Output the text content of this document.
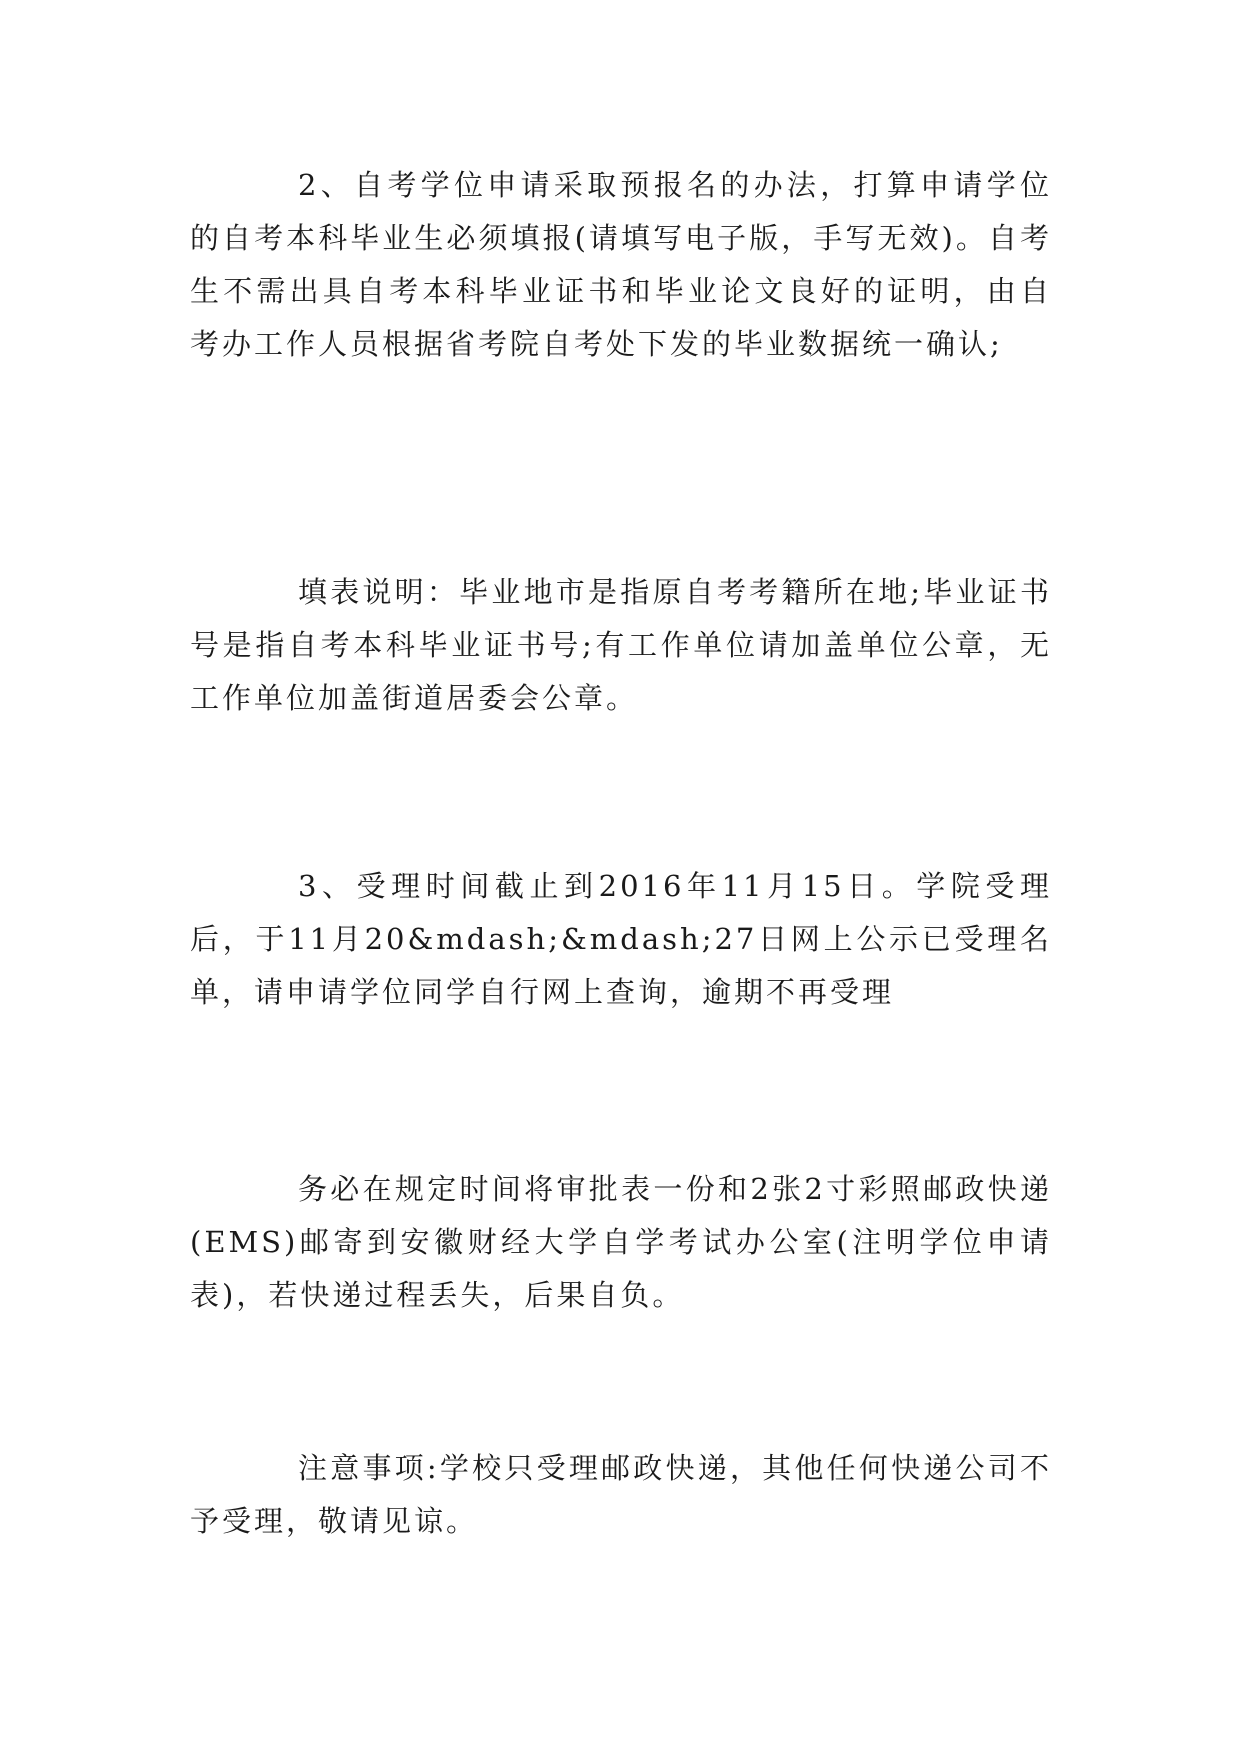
2、自考学位申请采取预报名的办法，打算申请学位的自考本科毕业生必须填报(请填写电子版，手写无效)。自考生不需出具自考本科毕业证书和毕业论文良好的证明，由自考办工作人员根据省考院自考处下发的毕业数据统一确认;

填表说明：毕业地市是指原自考考籍所在地;毕业证书号是指自考本科毕业证书号;有工作单位请加盖单位公章，无工作单位加盖街道居委会公章。

3、受理时间截止到2016年11月15日。学院受理后，于11月20&mdash;&mdash;27日网上公示已受理名单，请申请学位同学自行网上查询，逾期不再受理

务必在规定时间将审批表一份和2张2寸彩照邮政快递(EMS)邮寄到安徽财经大学自学考试办公室(注明学位申请表)，若快递过程丢失，后果自负。

注意事项:学校只受理邮政快递，其他任何快递公司不予受理，敬请见谅。
